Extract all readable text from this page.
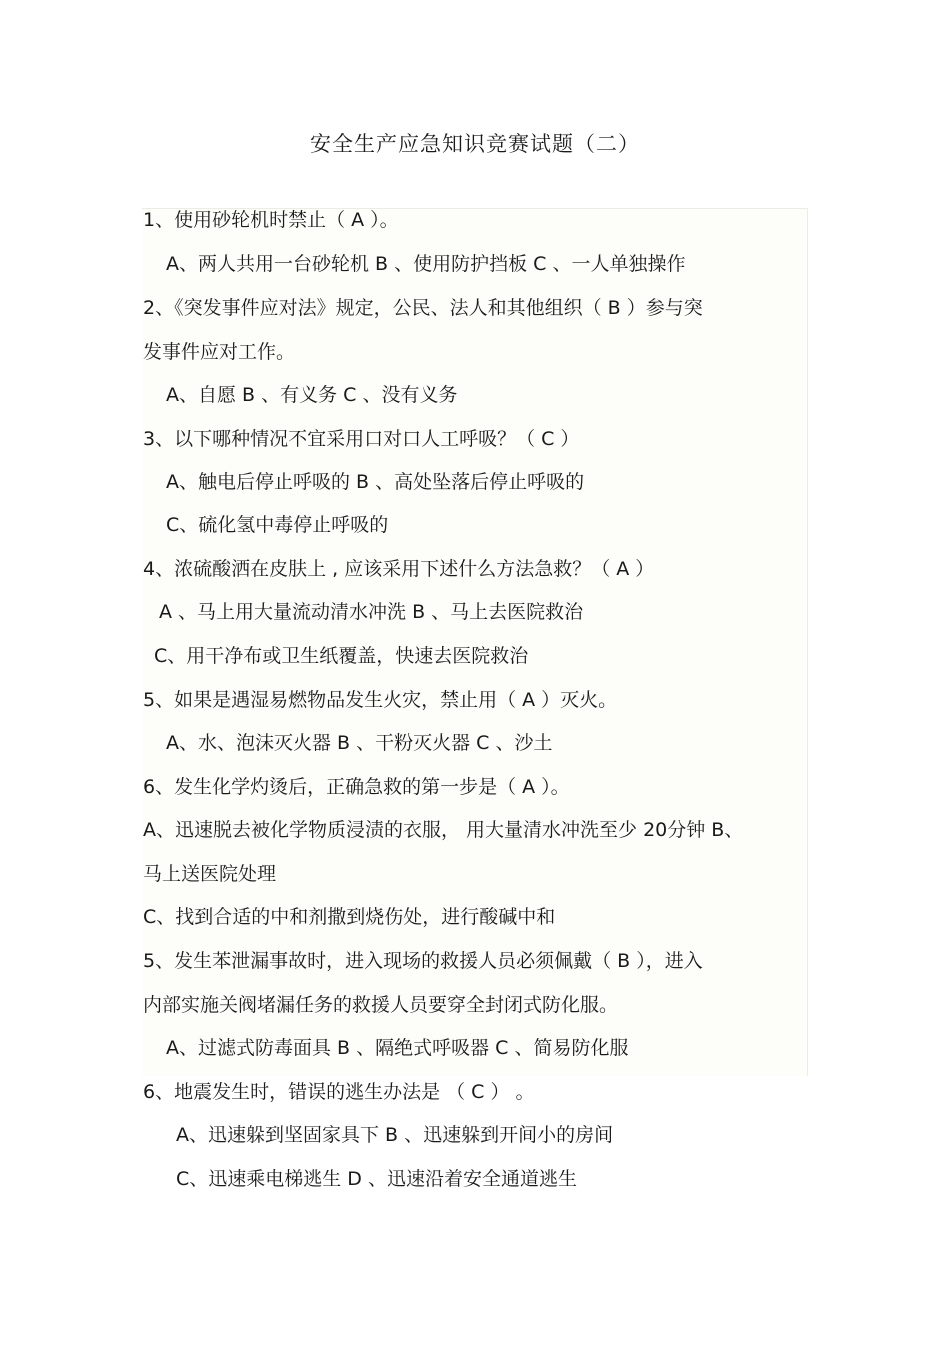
安全生产应急知识竞赛试题（二）
1、使用砂轮机时禁止（ A ）。
A、两人共用一台砂轮机 B 、使用防护挡板 C 、一人单独操作
2、《突发事件应对法》规定，公民、法人和其他组织（ B ）参与突
发事件应对工作。
A、自愿 B 、有义务 C 、没有义务
3、以下哪种情况不宜采用口对口人工呼吸？（ C ）
A、触电后停止呼吸的 B 、高处坠落后停止呼吸的
C、硫化氢中毒停止呼吸的
4、浓硫酸洒在皮肤上 , 应该采用下述什么方法急救？（ A ）
A 、马上用大量流动清水冲洗 B 、马上去医院救治
C、用干净布或卫生纸覆盖，快速去医院救治
5、如果是遇湿易燃物品发生火灾，禁止用（ A ）灭火。
A、水、泡沫灭火器 B 、干粉灭火器 C 、沙土
6、发生化学灼烫后，正确急救的第一步是（ A ）。
A、迅速脱去被化学物质浸渍的衣服， 用大量清水冲洗至少 20分钟 B、
马上送医院处理
C、找到合适的中和剂撒到烧伤处，进行酸碱中和
5、发生苯泄漏事故时，进入现场的救援人员必须佩戴（ B ），进入
内部实施关阀堵漏任务的救援人员要穿全封闭式防化服。
A、过滤式防毒面具 B 、隔绝式呼吸器 C 、简易防化服
6、地震发生时，错误的逃生办法是 （ C ） 。
A、迅速躲到坚固家具下 B 、迅速躲到开间小的房间
C、迅速乘电梯逃生 D 、迅速沿着安全通道逃生
